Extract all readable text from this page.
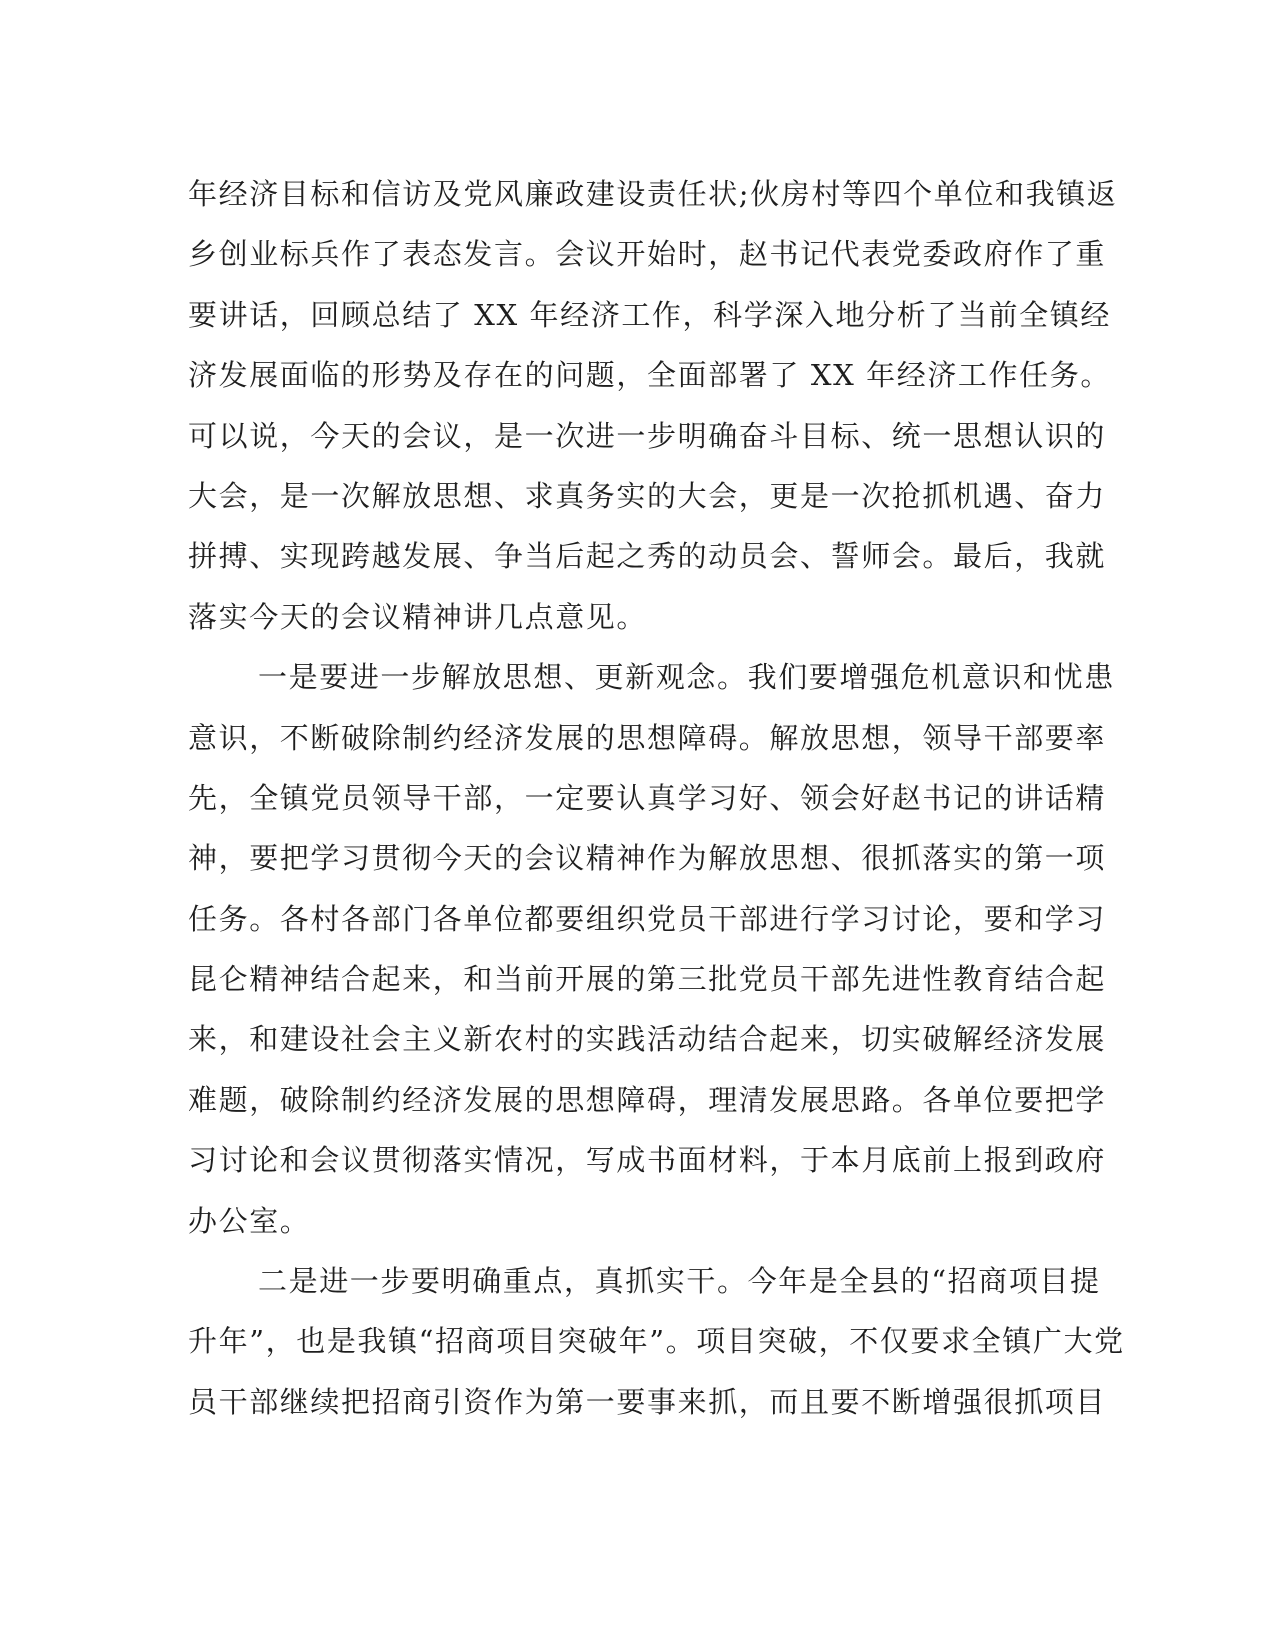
年经济目标和信访及党风廉政建设责任状;伙房村等四个单位和我镇返
乡创业标兵作了表态发言。会议开始时，赵书记代表党委政府作了重
要讲话，回顾总结了 XX 年经济工作，科学深入地分析了当前全镇经
济发展面临的形势及存在的问题，全面部署了 XX 年经济工作任务。
可以说，今天的会议，是一次进一步明确奋斗目标、统一思想认识的
大会，是一次解放思想、求真务实的大会，更是一次抢抓机遇、奋力
拼搏、实现跨越发展、争当后起之秀的动员会、誓师会。最后，我就
落实今天的会议精神讲几点意见。
一是要进一步解放思想、更新观念。我们要增强危机意识和忧患
意识，不断破除制约经济发展的思想障碍。解放思想，领导干部要率
先，全镇党员领导干部，一定要认真学习好、领会好赵书记的讲话精
神，要把学习贯彻今天的会议精神作为解放思想、很抓落实的第一项
任务。各村各部门各单位都要组织党员干部进行学习讨论，要和学习
昆仑精神结合起来，和当前开展的第三批党员干部先进性教育结合起
来，和建设社会主义新农村的实践活动结合起来，切实破解经济发展
难题，破除制约经济发展的思想障碍，理清发展思路。各单位要把学
习讨论和会议贯彻落实情况，写成书面材料，于本月底前上报到政府
办公室。
二是进一步要明确重点，真抓实干。今年是全县的“招商项目提
升年”，也是我镇“招商项目突破年”。项目突破，不仅要求全镇广大党
员干部继续把招商引资作为第一要事来抓，而且要不断增强很抓项目
